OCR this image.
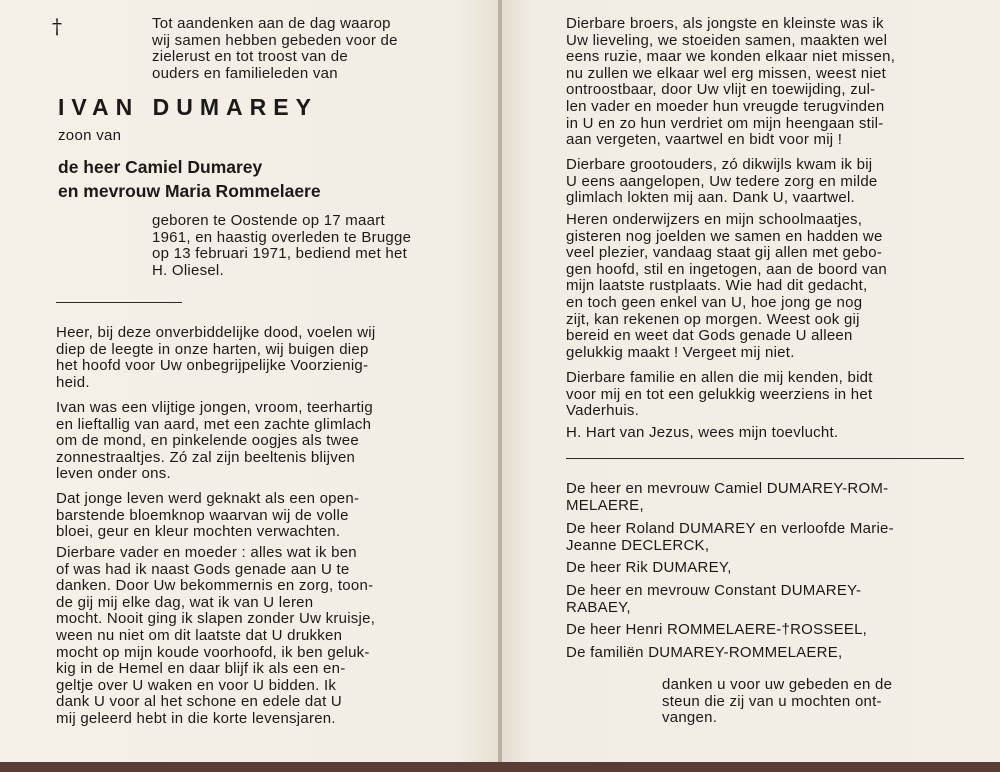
†	Tot aandenken aan de dag waarop
wij samen hebben gebeden voor de
zielerust en tot troost van de
ouders en familieleden van

IVAN DUMAREY
zoon van

de heer Camiel Dumarey
en mevrouw Maria Rommelaere

geboren te Oostende op 17 maart
1961, en haastig overleden te Brugge
op 13 februari 1971, bediend met het
H. Oliesel.

Heer, bij deze onverbiddelijke dood, voelen wij
diep de leegte in onze harten, wij buigen diep
het hoofd voor Uw onbegrijpelijke Voorzienig-
heid.

Ivan was een vlijtige jongen, vroom, teerhartig
en lieftallig van aard, met een zachte glimlach
om de mond, en pinkelende oogjes als twee
zonnestraaltjes. Zó zal zijn beeltenis blijven
leven onder ons.

Dat jonge leven werd geknakt als een open-
barstende bloemknop waarvan wij de volle
bloei, geur en kleur mochten verwachten.

Dierbare vader en moeder : alles wat ik ben
of was had ik naast Gods genade aan U te
danken. Door Uw bekommernis en zorg, toon-
de gij mij elke dag, wat ik van U leren
mocht. Nooit ging ik slapen zonder Uw kruisje,
ween nu niet om dit laatste dat U drukken
mocht op mijn koude voorhoofd, ik ben geluk-
kig in de Hemel en daar blijf ik als een en-
geltje over U waken en voor U bidden. Ik
dank U voor al het schone en edele dat U
mij geleerd hebt in die korte levensjaren.

Dierbare broers, als jongste en kleinste was ik
Uw lieveling, we stoeiden samen, maakten wel
eens ruzie, maar we konden elkaar niet missen,
nu zullen we elkaar wel erg missen, weest niet
ontroostbaar, door Uw vlijt en toewijding, zul-
len vader en moeder hun vreugde terugvinden
in U en zo hun verdriet om mijn heengaan stil-
aan vergeten, vaartwel en bidt voor mij !

Dierbare grootouders, zó dikwijls kwam ik bij
U eens aangelopen, Uw tedere zorg en milde
glimlach lokten mij aan. Dank U, vaartwel.

Heren onderwijzers en mijn schoolmaatjes,
gisteren nog joelden we samen en hadden we
veel plezier, vandaag staat gij allen met gebo-
gen hoofd, stil en ingetogen, aan de boord van
mijn laatste rustplaats. Wie had dit gedacht,
en toch geen enkel van U, hoe jong ge nog
zijt, kan rekenen op morgen. Weest ook gij
bereid en weet dat Gods genade U alleen
gelukkig maakt ! Vergeet mij niet.

Dierbare familie en allen die mij kenden, bidt
voor mij en tot een gelukkig weerziens in het
Vaderhuis.

H. Hart van Jezus, wees mijn toevlucht.

De heer en mevrouw Camiel DUMAREY-ROM-
MELAERE,

De heer Roland DUMAREY en verloofde Marie-
Jeanne DECLERCK,

De heer Rik DUMAREY,

De heer en mevrouw Constant DUMAREY-
RABAEY,

De heer Henri ROMMELAERE-†ROSSEEL,

De familiën DUMAREY-ROMMELAERE,

danken u voor uw gebeden en de
steun die zij van u mochten ont-
vangen.
